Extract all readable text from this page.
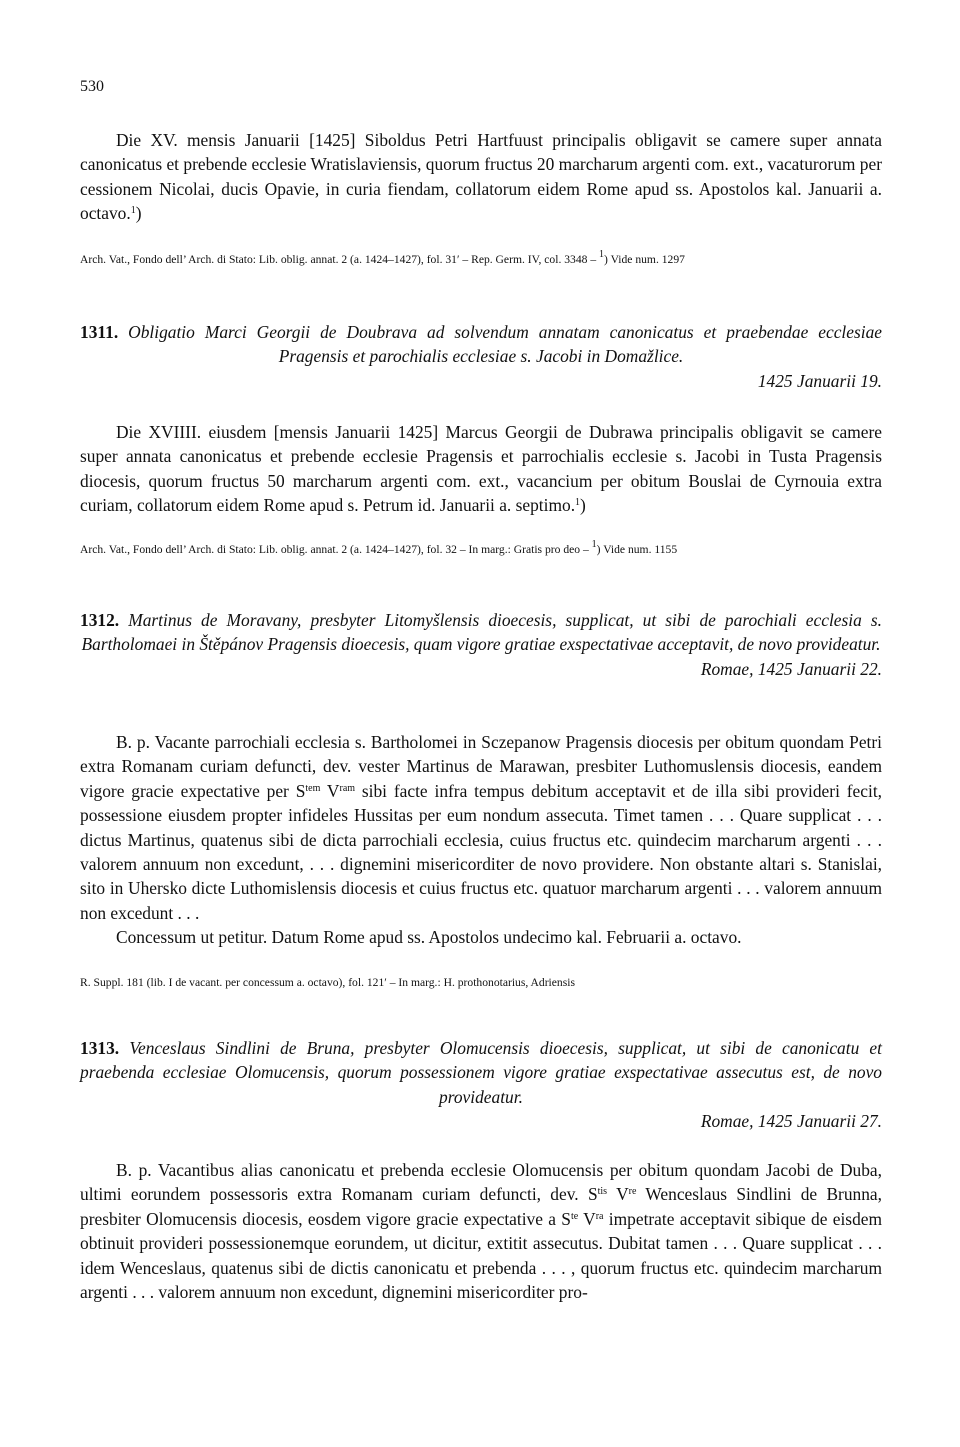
530

Die XV. mensis Januarii [1425] Siboldus Petri Hartfuust principalis obligavit se camere super annata canonicatus et prebende ecclesie Wratislaviensis, quorum fructus 20 marcharum argenti com. ext., vacaturorum per cessionem Nicolai, ducis Opavie, in curia fiendam, collatorum eidem Rome apud ss. Apostolos kal. Januarii a. octavo.$^1$)

Arch. Vat., Fondo dell’ Arch. di Stato: Lib. oblig. annat. 2 (a. 1424–1427), fol. 31′ – Rep. Germ. IV, col. 3348 – $^1$) Vide num. 1297

1311. Obligatio Marci Georgii de Doubrava ad solvendum annatam canonicatus et praebendae ecclesiae Pragensis et parochialis ecclesiae s. Jacobi in Domažlice.

1425 Januarii 19.

Die XVIIII. eiusdem [mensis Januarii 1425] Marcus Georgii de Dubrawa principalis obligavit se camere super annata canonicatus et prebende ecclesie Pragensis et parrochialis ecclesie s. Jacobi in Tusta Pragensis diocesis, quorum fructus 50 marcharum argenti com. ext., vacancium per obitum Bouslai de Cyrnouia extra curiam, collatorum eidem Rome apud s. Petrum id. Januarii a. septimo.$^1$)

Arch. Vat., Fondo dell’ Arch. di Stato: Lib. oblig. annat. 2 (a. 1424–1427), fol. 32 – In marg.: Gratis pro deo – $^1$) Vide num. 1155

1312. Martinus de Moravany, presbyter Litomyšlensis dioecesis, supplicat, ut sibi de parochiali ecclesia s. Bartholomaei in Štěpánov Pragensis dioecesis, quam vigore gratiae exspectativae acceptavit, de novo provideatur.

Romae, 1425 Januarii 22.

B. p. Vacante parrochiali ecclesia s. Bartholomei in Sczepanow Pragensis diocesis per obitum quondam Petri extra Romanam curiam defuncti, dev. vester Martinus de Marawan, presbiter Luthomuslensis diocesis, eandem vigore gracie expectative per $S^{tem}$ $V^{ram}$ sibi facte infra tempus debitum acceptavit et de illa sibi provideri fecit, possessione eiusdem propter infideles Hussitas per eum nondum assecuta. Timet tamen . . . Quare supplicat . . . dictus Martinus, quatenus sibi de dicta parrochiali ecclesia, cuius fructus etc. quindecim marcharum argenti . . . valorem annuum non excedunt, . . . dignemini misericorditer de novo providere. Non obstante altari s. Stanislai, sito in Uhersko dicte Luthomislensis diocesis et cuius fructus etc. quatuor marcharum argenti . . . valorem annuum non excedunt . . .

Concessum ut petitur. Datum Rome apud ss. Apostolos undecimo kal. Februarii a. octavo.

R. Suppl. 181 (lib. I de vacant. per concessum a. octavo), fol. 121′ – In marg.: H. prothonotarius, Adriensis

1313. Venceslaus Sindlini de Bruna, presbyter Olomucensis dioecesis, supplicat, ut sibi de canonicatu et praebenda ecclesiae Olomucensis, quorum possessionem vigore gratiae exspectativae assecutus est, de novo provideatur.

Romae, 1425 Januarii 27.

B. p. Vacantibus alias canonicatu et prebenda ecclesie Olomucensis per obitum quondam Jacobi de Duba, ultimi eorundem possessoris extra Romanam curiam defuncti, dev. $S^{tis}$ Vre Wenceslaus Sindlini de Brunna, presbiter Olomucensis diocesis, eosdem vigore gracie expectative a $S^{te}$ $V^{ra}$ impetrate acceptavit sibique de eisdem obtinuit provideri possessionemque eorundem, ut dicitur, extitit assecutus. Dubitat tamen . . . Quare supplicat . . . idem Wenceslaus, quatenus sibi de dictis canonicatu et prebenda . . . , quorum fructus etc. quindecim marcharum argenti . . . valorem annuum non excedunt, dignemini misericorditer pro-
